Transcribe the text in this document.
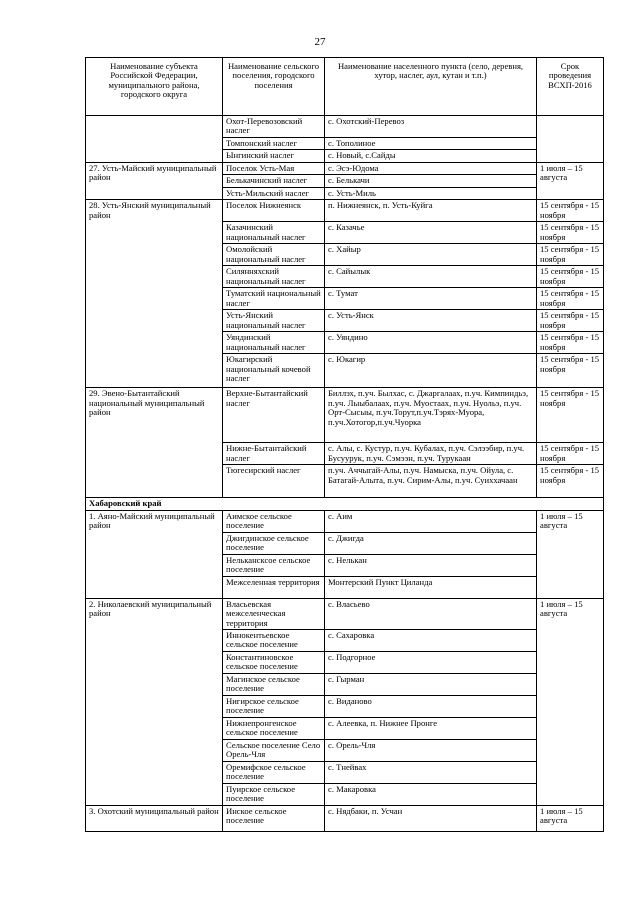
27
Наименование субъекта Российской Федерации, муниципального района, городского округа	Наименование сельского поселения, городского поселения	Наименование населенного пункта (село, деревня, хутор, наслег, аул, кутан и т.п.)	Срок проведения ВСХП-2016
	Охот-Перевозовский наслег	с. Охотский-Перевоз	
	Томпонский наслег	с. Тополиное	
	Ынгинский наслег	с. Новый, с.Сайды	
27. Усть-Майский муниципальный район	Поселок Усть-Мая	с. Эсэ-Юдома	1 июля – 15 августа
	Белькачинский наслег	с. Белькачи	
	Усть-Мильский наслег	с. Усть-Миль	
28. Усть-Янский муниципальный район	Поселок Нижнеянск	п. Нижнеянск, п. Усть-Куйга	15 сентября - 15 ноября
	Казачинский национальный наслег	с. Казачье	15 сентября - 15 ноября
	Омолойский национальный наслег	с. Хайыр	15 сентября - 15 ноября
	Силянняхский национальный наслег	с. Сайылык	15 сентября - 15 ноября
	Туматский национальный наслег	с. Тумат	15 сентября - 15 ноября
	Усть-Янский национальный наслег	с. Усть-Янск	15 сентября - 15 ноября
	Уяндинский национальный наслег	с. Уяндино	15 сентября - 15 ноября
	Юкагирский национальный кочевой наслег	с. Юкагир	15 сентября - 15 ноября
29. Эвено-Бытантайский национальный муниципальный район	Верхне-Бытантайский наслег	Биллэх, п.уч. Былхас, с. Джаргалаах, п.уч. Кимпиндьэ, п.уч. Лыыбалаах, п.уч. Муостаах, п.уч. Нуольэ, п.уч. Орт-Сысыы, п.уч.Торут,п.уч.Тэрях-Муора, п.уч.Хотогор,п.уч.Чуорка	15 сентября - 15 ноября
	Нижне-Бытантайский наслег	с. Алы, с. Кустур, п.уч. Кубалах, п.уч. Сэлээбир, п.уч. Бусуурук, п.уч. Сэмээн, п.уч. Турукаан	15 сентября - 15 ноября
	Тюгесирский наслег	п.уч. Аччыгай-Алы, п.уч. Намыска, п.уч. Ойула, с. Батагай-Алыта, п.уч. Сирим-Алы, п.уч. Суиххачаан	15 сентября - 15 ноября
Хабаровский край			
1. Аяно-Майский муниципальный район	Аимское сельское поселение	с. Аим	1 июля – 15 августа
	Джигдинское сельское поселение	с. Джигда	
	Нелькансксое сельское поселение	с. Нелькан	
	Межселенная территория	Монтерский Пункт Циланда	
2. Николаевский муниципальный район	Власьевская межселенческая территория	с. Власьево	1 июля – 15 августа
	Иннокентьевское сельское поселение	с. Сахаровка	
	Константиновское сельское поселение	с. Подгорное	
	Магинское сельское поселение	с. Гырман	
	Нигирское сельское поселение	с. Виданово	
	Нижнепронгенское сельское поселение	с. Алеевка, п. Нижнее Пронге	
	Сельское поселение Село Орель-Чля	с. Орель-Чля	
	Оремифское сельское поселение	с. Тнейвах	
	Пуирское сельское поселение	с. Макаровка	
3. Охотский муниципальный район	Инское сельское поселение	с. Нядбаки, п. Усчан	1 июля – 15 августа
